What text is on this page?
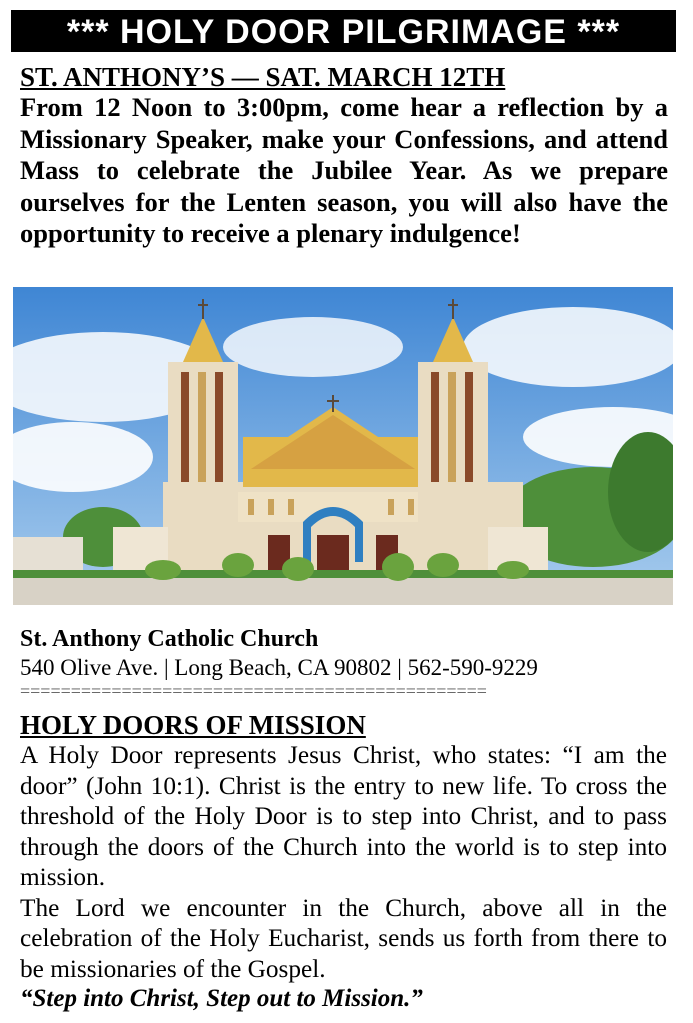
*** HOLY DOOR PILGRIMAGE ***
ST. ANTHONY’S — SAT. MARCH 12TH
From 12 Noon to 3:00pm, come hear a reflection by a Missionary Speaker, make your Confessions, and attend Mass to celebrate the Jubilee Year. As we prepare ourselves for the Lenten season, you will also have the opportunity to receive a plenary indulgence!
St. Anthony Catholic Church
540 Olive Ave. | Long Beach, CA 90802 | 562-590-9229
==============================================
HOLY DOORS OF MISSION

A Holy Door represents Jesus Christ, who states: “I am the door” (John 10:1). Christ is the entry to new life. To cross the threshold of the Holy Door is to step into Christ, and to pass through the doors of the Church into the world is to step into mission.

The Lord we encounter in the Church, above all in the celebration of the Holy Eucharist, sends us forth from there to be missionaries of the Gospel.

“Step into Christ, Step out to Mission.”
